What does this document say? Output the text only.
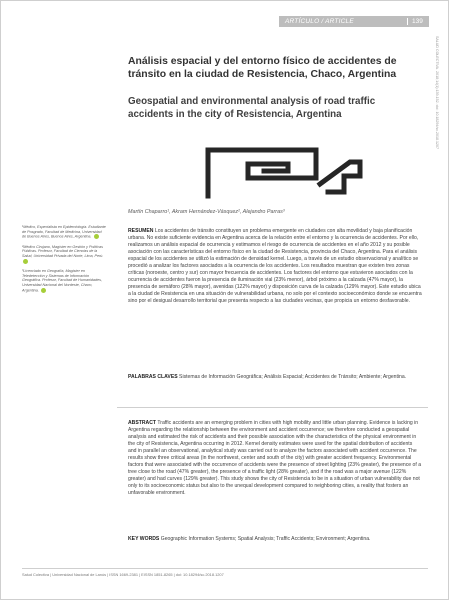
ARTÍCULO / ARTICLE	139
SALUD COLECTIVA. 2018;14(1):139-152. doi: 10.18294/sc.2018.1207
Análisis espacial y del entorno físico de accidentes de tránsito en la ciudad de Resistencia, Chaco, Argentina
Geospatial and environmental analysis of road traffic accidents in the city of Resistencia, Argentina
Martín Chaparro¹, Akram Hernández-Vásquez², Alejandro Parras³
¹Médico, Especialista en Epidemiología. Estudiante de Posgrado, Facultad de Medicina, Universidad de Buenos Aires, Buenos Aires, Argentina.
²Médico Cirujano, Magíster en Gestión y Políticas Públicas. Profesor, Facultad de Ciencias de la Salud, Universidad Privada del Norte, Lima, Perú.
³Licenciado en Geografía, Magíster en Teledetección y Sistemas de Información Geográfica. Profesor, Facultad de Humanidades, Universidad Nacional del Nordeste, Chaco, Argentina.

RESUMEN Los accidentes de tránsito constituyen un problema emergente en ciudades con alta movilidad y baja planificación urbana. No existe suficiente evidencia en Argentina acerca de la relación entre el entorno y la ocurrencia de accidentes. Por ello, realizamos un análisis espacial de ocurrencia y estimamos el riesgo de ocurrencia de accidentes en el año 2012 y su posible asociación con las características del entorno físico en la ciudad de Resistencia, provincia del Chaco, Argentina. Para el análisis espacial de los accidentes se utilizó la estimación de densidad kernel. Luego, a través de un estudio observacional y analítico se procedió a analizar los factores asociados a la ocurrencia de los accidentes. Los resultados muestran que existen tres zonas críticas (noroeste, centro y sur) con mayor frecuencia de accidentes. Los factores del entorno que estuvieron asociados con la ocurrencia de accidentes fueron la presencia de iluminación vial (23% menor), árbol próximo a la calzada (47% mayor), la presencia de semáforo (28% mayor), avenidas (122% mayor) y disposición curva de la calzada (129% mayor). Este estudio ubica a la ciudad de Resistencia en una situación de vulnerabilidad urbana, no solo por el contexto socioeconómico donde se encuentra sino por el desigual desarrollo territorial que presenta respecto a las ciudades vecinas, que propicia un entorno desfavorable.

PALABRAS CLAVES Sistemas de Información Geográfica; Análisis Espacial; Accidentes de Tránsito; Ambiente; Argentina.

ABSTRACT Traffic accidents are an emerging problem in cities with high mobility and little urban planning. Evidence is lacking in Argentina regarding the relationship between the environment and accident occurrence; we therefore conducted a geospatial analysis and estimated the risk of accidents and their possible association with the characteristics of the physical environment in the city of Resistencia, Argentina occurring in 2012. Kernel density estimates were used for the spatial distribution of accidents and in parallel an observational, analytical study was carried out to analyze the factors associated with accident occurrence. The results show three critical areas (in the northwest, center and south of the city) with greater accident frequency. Environmental factors that were associated with the occurrence of accidents were the presence of street lighting (23% greater), the presence of a tree close to the road (47% greater), the presence of a traffic light (28% greater), and if the road was a major avenue (122% greater) and had curves (129% greater). This study shows the city of Resistencia to be in a situation of urban vulnerability due not only to its socioeconomic status but also to the unequal development compared to neighboring cities, a reality that fosters an unfavorable environment.

KEY WORDS Geographic Information Systems; Spatial Analysis; Traffic Accidents; Environment; Argentina.

Salud Colectiva | Universidad Nacional de Lanús | ISSN 1669-2381 | EISSN 1851-8265 | doi: 10.18294/sc.2018.1207
